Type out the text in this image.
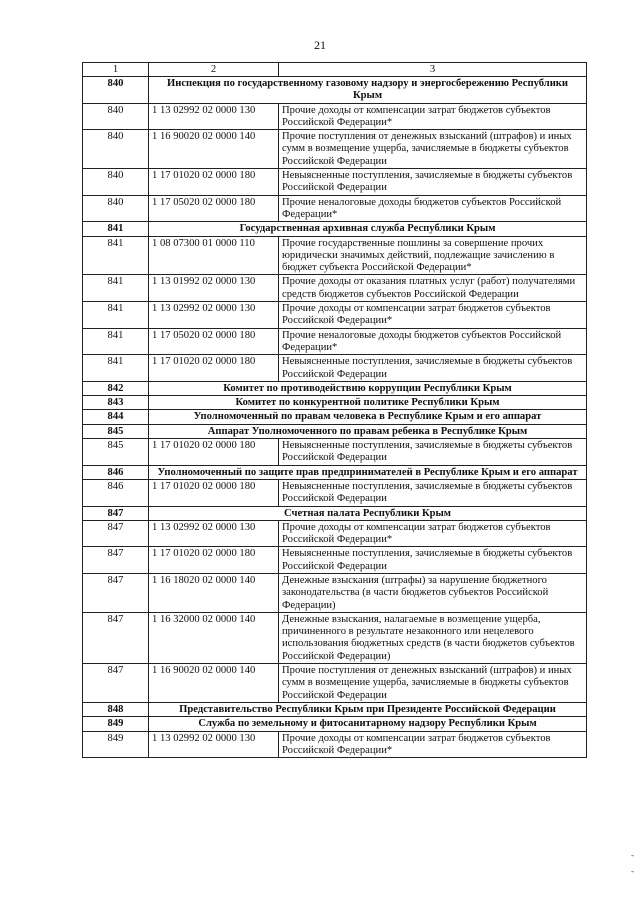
21
1	2	3
840	Инспекция по государственному газовому надзору и энергосбережению Республики Крым	
840	1 13 02992 02 0000 130	Прочие доходы от компенсации затрат бюджетов субъектов Российской Федерации*
840	1 16 90020 02 0000 140	Прочие поступления от денежных взысканий (штрафов) и иных сумм в возмещение ущерба, зачисляемые в бюджеты субъектов Российской Федерации
840	1 17 01020 02 0000 180	Невыясненные поступления, зачисляемые в бюджеты субъектов Российской Федерации
840	1 17 05020 02 0000 180	Прочие неналоговые доходы бюджетов субъектов Российской Федерации*
841	Государственная архивная служба Республики Крым	
841	1 08 07300 01 0000 110	Прочие государственные пошлины за совершение прочих юридически значимых действий, подлежащие зачислению в бюджет субъекта Российской Федерации*
841	1 13 01992 02 0000 130	Прочие доходы от оказания платных услуг (работ) получателями средств бюджетов субъектов Российской Федерации
841	1 13 02992 02 0000 130	Прочие доходы от компенсации затрат бюджетов субъектов Российской Федерации*
841	1 17 05020 02 0000 180	Прочие неналоговые доходы бюджетов субъектов Российской Федерации*
841	1 17 01020 02 0000 180	Невыясненные поступления, зачисляемые в бюджеты субъектов Российской Федерации
842	Комитет по противодействию коррупции Республики Крым	
843	Комитет по конкурентной политике Республики Крым	
844	Уполномоченный по правам человека в Республике Крым и его аппарат	
845	Аппарат Уполномоченного по правам ребенка в Республике Крым	
845	1 17 01020 02 0000 180	Невыясненные поступления, зачисляемые в бюджеты субъектов Российской Федерации
846	Уполномоченный по защите прав предпринимателей в Республике Крым и его аппарат	
846	1 17 01020 02 0000 180	Невыясненные поступления, зачисляемые в бюджеты субъектов Российской Федерации
847	Счетная палата Республики Крым	
847	1 13 02992 02 0000 130	Прочие доходы от компенсации затрат бюджетов субъектов Российской Федерации*
847	1 17 01020 02 0000 180	Невыясненные поступления, зачисляемые в бюджеты субъектов Российской Федерации
847	1 16 18020 02 0000 140	Денежные взыскания (штрафы) за нарушение бюджетного законодательства (в части бюджетов субъектов Российской Федерации)
847	1 16 32000 02 0000 140	Денежные взыскания, налагаемые в возмещение ущерба, причиненного в результате незаконного или нецелевого использования бюджетных средств (в части бюджетов субъектов Российской Федерации)
847	1 16 90020 02 0000 140	Прочие поступления от денежных взысканий (штрафов) и иных сумм в возмещение ущерба, зачисляемые в бюджеты субъектов Российской Федерации
848	Представительство Республики Крым при Президенте Российской Федерации	
849	Служба по земельному и фитосанитарному надзору Республики Крым	
849	1 13 02992 02 0000 130	Прочие доходы от компенсации затрат бюджетов субъектов Российской Федерации*
-
-
